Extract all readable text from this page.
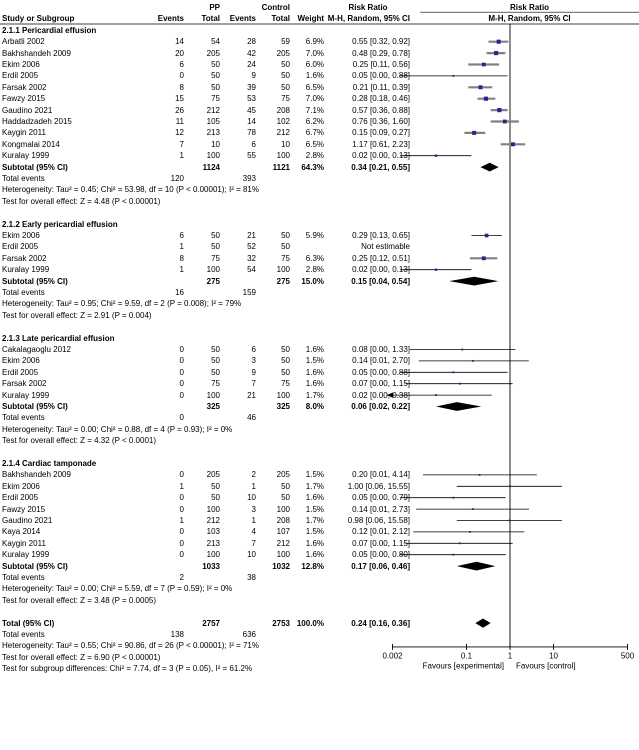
0.002	0.1	1	10	500
Favours [experimental] Favours [control]
PP	Control	Risk Ratio	Risk Ratio
Study or Subgroup	Events	Total	Events	Total Weight M-H, Random, 95% CI	M-H, Random, 95% CI
2.1.1 Pericardial effusion
Arbatli 2002	14	54	28	59	6.9%	0.55 [0.32, 0.92]
Bakhshandeh 2009	20	205	42	205	7.0%	0.48 [0.29, 0.78]
Ekim 2006	6	50	24	50	6.0%	0.25 [0.11, 0.56]
Erdil 2005	0	50	9	50	1.6%	0.05 [0.00, 0.88]
Farsak 2002	8	50	39	50	6.5%	0.21 [0.11, 0.39]
Fawzy 2015	15	75	53	75	7.0%	0.28 [0.18, 0.46]
Gaudino 2021	26	212	45	208	7.1%	0.57 [0.36, 0.88]
Haddadzadeh 2015	11	105	14	102	6.2%	0.76 [0.36, 1.60]
Kaygin 2011	12	213	78	212	6.7%	0.15 [0.09, 0.27]
Kongmalai 2014	7	10	6	10	6.5%	1.17 [0.61, 2.23]
Kuralay 1999	1	100	55	100	2.8%	0.02 [0.00, 0.13]
Subtotal (95% CI)	1124	1121	64.3%	0.34 [0.21, 0.55]
Total events	120	393
Heterogeneity: Tau² = 0.45; Chi² = 53.98, df = 10 (P < 0.00001); I² = 81%
Test for overall effect: Z = 4.48 (P < 0.00001)
2.1.2 Early pericardial effusion
Ekim 2006	6	50	21	50	5.9%	0.29 [0.13, 0.65]
Erdil 2005	1	50	52	50	Not estimable
Farsak 2002	8	75	32	75	6.3%	0.25 [0.12, 0.51]
Kuralay 1999	1	100	54	100	2.8%	0.02 [0.00, 0.13]
Subtotal (95% CI)	275	275	15.0%	0.15 [0.04, 0.54]
Total events	16	159
Heterogeneity: Tau² = 0.95; Chi² = 9.59, df = 2 (P = 0.008); I² = 79%
Test for overall effect: Z = 2.91 (P = 0.004)
2.1.3 Late pericardial effusion
Cakalagaoglu 2012	0	50	6	50	1.6%	0.08 [0.00, 1.33]
Ekim 2006	0	50	3	50	1.5%	0.14 [0.01, 2.70]
Erdil 2005	0	50	9	50	1.6%	0.05 [0.00, 0.88]
Farsak 2002	0	75	7	75	1.6%	0.07 [0.00, 1.15]
Kuralay 1999	0	100	21	100	1.7%	0.02 [0.00, 0.38]
Subtotal (95% CI)	325	325	8.0%	0.06 [0.02, 0.22]
Total events	0	46
Heterogeneity: Tau² = 0.00; Chi² = 0.88, df = 4 (P = 0.93); I² = 0%
Test for overall effect: Z = 4.32 (P < 0.0001)
2.1.4 Cardiac tamponade
Bakhshandeh 2009	0	205	2	205	1.5%	0.20 [0.01, 4.14]
Ekim 2006	1	50	1	50	1.7%	1.00 [0.06, 15.55]
Erdil 2005	0	50	10	50	1.6%	0.05 [0.00, 0.79]
Fawzy 2015	0	100	3	100	1.5%	0.14 [0.01, 2.73]
Gaudino 2021	1	212	1	208	1.7%	0.98 [0.06, 15.58]
Kaya 2014	0	103	4	107	1.5%	0.12 [0.01, 2.12]
Kaygin 2011	0	213	7	212	1.6%	0.07 [0.00, 1.15]
Kuralay 1999	0	100	10	100	1.6%	0.05 [0.00, 0.80]
Subtotal (95% CI)	1033	1032	12.8%	0.17 [0.06, 0.46]
Total events	2	38
Heterogeneity: Tau² = 0.00; Chi² = 5.59, df = 7 (P = 0.59); I² = 0%
Test for overall effect: Z = 3.48 (P = 0.0005)
Total (95% CI)	2757	2753 100.0%	0.24 [0.16, 0.36]
Total events	138	636
Heterogeneity: Tau² = 0.55; Chi² = 90.86, df = 26 (P < 0.00001); I² = 71%
Test for overall effect: Z = 6.90 (P < 0.00001)
Test for subgroup differences: Chi² = 7.74, df = 3 (P = 0.05), I² = 61.2%
